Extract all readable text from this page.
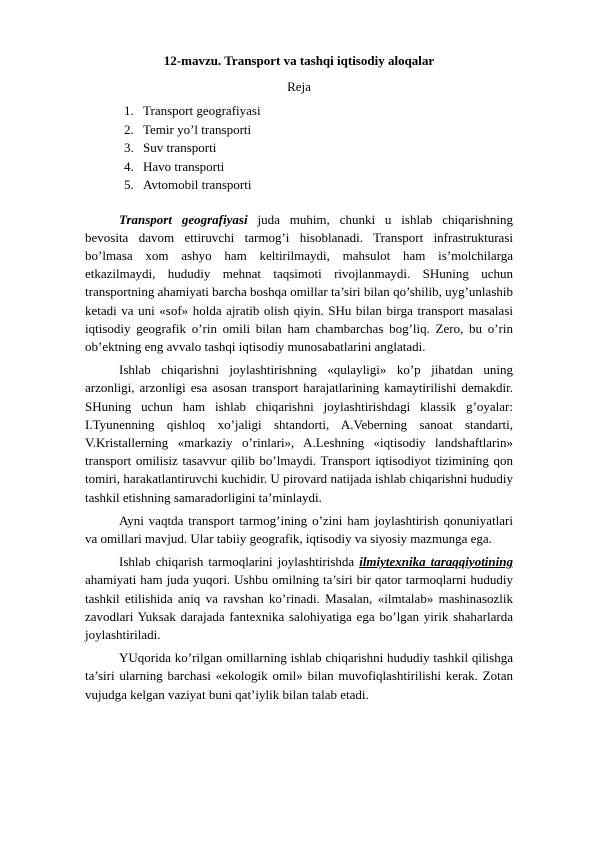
12-mavzu. Transport va tashqi iqtisodiy aloqalar
Reja
1. Transport geografiyasi
2. Temir yo’l transporti
3. Suv transporti
4. Havo transporti
5. Avtomobil transporti

Transport geografiyasi juda muhim, chunki u ishlab chiqarishning bevosita davom ettiruvchi tarmog’i hisoblanadi. Transport infrastrukturasi bo’lmasa xom ashyo ham keltirilmaydi, mahsulot ham is’molchilarga etkazilmaydi, hududiy mehnat taqsimoti rivojlanmaydi. SHuning uchun transportning ahamiyati barcha boshqa omillar ta’siri bilan qo’shilib, uyg’unlashib ketadi va uni «sof» holda ajratib olish qiyin. SHu bilan birga transport masalasi iqtisodiy geografik o’rin omili bilan ham chambarchas bog’liq. Zero, bu o’rin ob’ektning eng avvalo tashqi iqtisodiy munosabatlarini anglatadi.

Ishlab chiqarishni joylashtirishning «qulayligi» ko’p jihatdan uning arzonligi, arzonligi esa asosan transport harajatlarining kamaytirilishi demakdir. SHuning uchun ham ishlab chiqarishni joylashtirishdagi klassik g’oyalar: I.Tyunenning qishloq xo’jaligi shtandorti, A.Veberning sanoat standarti, V.Kristallerning «markaziy o’rinlari», A.Leshning «iqtisodiy landshaftlarin» transport omilisiz tasavvur qilib bo’lmaydi. Transport iqtisodiyot tizimining qon tomiri, harakatlantiruvchi kuchidir. U pirovard natijada ishlab chiqarishni hududiy tashkil etishning samaradorligini ta’minlaydi.

Ayni vaqtda transport tarmog’ining o’zini ham joylashtirish qonuniyatlari va omillari mavjud. Ular tabiiy geografik, iqtisodiy va siyosiy mazmunga ega.

Ishlab chiqarish tarmoqlarini joylashtirishda ilmiytexnika taraqqiyotining ahamiyati ham juda yuqori. Ushbu omilning ta’siri bir qator tarmoqlarni hududiy tashkil etilishida aniq va ravshan ko’rinadi. Masalan, «ilmtalab» mashinasozlik zavodlari Yuksak darajada fantexnika salohiyatiga ega bo’lgan yirik shaharlarda joylashtiriladi.

YUqorida ko’rilgan omillarning ishlab chiqarishni hududiy tashkil qilishga ta’siri ularning barchasi «ekologik omil» bilan muvofiqlashtirilishi kerak. Zotan vujudga kelgan vaziyat buni qat’iylik bilan talab etadi.
